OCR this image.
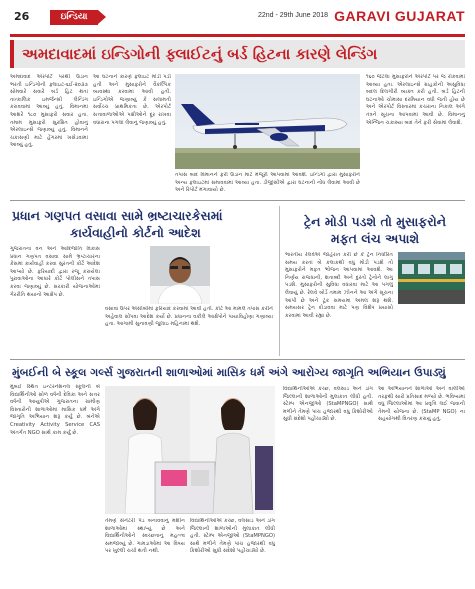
26	ઇન્ડિયા	22nd - 29th June 2018 GARAVI GUJARAT
અમદાવાદમાં ઇન્ડિગોની ફ્લાઈટનું બર્ડ હિટના કારણે લેન્ડિંગ
અમદાવાદ એરપોર્ટ પરથી ઉડાન ભરતી ઇન્ડિગોની ફ્લાઇટ-૬ઈ-૨૦૩૭ સોમવારે સવારે બર્ડ હિટ થતાં તાત્કાલિક ઇમર્જન્સી લેન્ડિંગ કરાવવામાં આવ્યું હતું. વિમાનમાં આશરે ૧૮૦ મુસાફરો સવાર હતા. તમામ મુસાફરો સુરક્ષિત હોવાનું એરલાઇન્સે જણાવ્યું હતું. વિમાનને ચકાસણી માટે હેંગરમાં ખસેડવામાં આવ્યું હતું.
આ ઘટનાને કારણે ફ્લાઇટ મોડી પડી હતી અને મુસાફરોને વૈકલ્પિક વ્યવસ્થા કરવામાં આવી હતી. ઇન્ડિગોએ જણાવ્યું કે સલામતી સર્વોચ્ચ પ્રાથમિકતા છે. એરપોર્ટ સત્તાવાળાઓએ પક્ષીઓને દૂર રાખવા વધારાના પગલાં લેવાનું જણાવ્યું હતું.
તપાસ બાદ વિમાનને ફરી ઉડાન માટે મંજૂરી આપવામાં આવશે. ઇન્ડિગો દ્વારા મુસાફરોને અન્ય ફ્લાઇટમાં સમાવવામાં આવ્યા હતા. ડીજીસીએ દ્વારા ઘટનાની નોંધ લેવામાં આવી છે અને રિપોર્ટ મંગાવાયો છે.
૧૬૦ જેટલા મુસાફરોને એરપોર્ટ પર જ રોકવામાં આવ્યા હતા. એરલાઇન્સે ગ્રાહકોની અસુવિધા બદલ દિલગીરી વ્યક્ત કરી હતી. બર્ડ હિટની ઘટનાઓ ચોમાસા દરમિયાન વધી જતી હોય છે અને એરપોર્ટ વિસ્તારમાં કચરાના નિકાલ અંગે તંત્રને સૂચના આપવામાં આવી છે. વિમાનનું એન્જિન ચકાસ્યા બાદ તેને ફરી સેવામાં લેવાશે.
પ્રધાન ગણપત વસાવા સામે ભ્રષ્ટાચારકેસમાં
કાર્યવાહીનો કોર્ટનો આદેશ
ગુજરાતના વન અને આદિજાતિ વિકાસ પ્રધાન ગણપત વસાવા સામે ભ્રષ્ટાચારના કેસમાં કાર્યવાહી કરવા સુરતની કોર્ટે આદેશ આપ્યો છે. ફરિયાદી દ્વારા રજૂ કરાયેલા પુરાવાઓના આધારે કોર્ટે પોલીસને તપાસ કરવા જણાવ્યું છે. સરકારી યોજનાઓમાં ગેરરીતિ થયાનો આક્ષેપ છે.
વસાવા ઉપર એસીબીમાં ફરિયાદ કરવામાં આવી હતી. કોર્ટે આ મામલે તપાસ કરીને અહેવાલ સોંપવા આદેશ કર્યો છે. પ્રધાનના વકીલે આક્ષેપોને પાયાવિહોણા ગણાવ્યા હતા. આગામી સુનાવણી જુલાઇ મહિનામાં થશે.
ટ્રેન મોડી પડશે તો મુસાફરોને
મફત લંચ અપાશે
ભારતીય રેલવેએ જાહેરાત કરી છે કે ટ્રેન નિર્ધારિત સમય કરતાં બે કલાકથી વધુ મોડી પડશે તો મુસાફરોને મફત ભોજન આપવામાં આવશે. આ નિર્ણય રાજધાની, શતાબ્દી અને દુરંતો ટ્રેનોને લાગુ પડશે. મુસાફરોની સુવિધા વધારવા માટે આ પગલું લેવાયું છે. રેલવે બોર્ડે તમામ ઝોનને આ અંગે સૂચના આપી છે અને ટૂંક સમયમાં અમલ શરૂ થશે. સમયસર ટ્રેન દોડાવવા માટે પણ વિશેષ પ્રયાસો કરવામાં આવી રહ્યા છે.
મુંબઈની બે સ્કૂલ ગર્લ્સ ગુજરાતની શાળાઓમાં માસિક ધર્મ અંગે આરોગ્ય જાગૃતિ અભિયાન ઉપાડ્યું
મુંબઈ સ્થિત ઇન્ટરનેશનલ સ્કૂલની બે વિદ્યાર્થિનીઓ સોળ વર્ષની દેવિકા અને સત્તર વર્ષની આયુષીએ ગુજરાતના ગ્રામીણ વિસ્તારોની શાળાઓમાં માસિક ધર્મ અંગે જાગૃતિ અભિયાન શરૂ કર્યું છે. બંનેએ Creativity Activity Service CAS અંતર્ગત NGO સાથે કામ કર્યું છે.
તેમણે સેનેટરી પેડ બનાવવાનું મશીન શાળાઓમાં સ્થાપ્યું છે અને વિદ્યાર્થિનીઓને સ્વચ્છતાનું મહત્ત્વ સમજાવ્યું છે. ગામડાઓમાં આ વિષય પર ખુલ્લી ચર્ચા થતી નથી.
વિદ્યાર્થિનીઓએ કચ્છ, વલસાડ અને ડાંગ જિલ્લાની શાળાઓની મુલાકાત લીધી હતી. સ્ટેમ્પ એનજીઓ (StaMPNGO) સાથે મળીને તેમણે પાંચ હજારથી વધુ કિશોરીઓ સુધી સંદેશો પહોંચાડ્યો છે.
વિદ્યાર્થિનીઓએ કચ્છ, વલસાડ અને ડાંગ જિલ્લાની શાળાઓની મુલાકાત લીધી હતી. સ્ટેમ્પ એનજીઓ (StaMPNGO) સાથે મળીને તેમણે પાંચ હજારથી વધુ કિશોરીઓ સુધી સંદેશો પહોંચાડ્યો છે.
આ અભિયાનને શાળાઓ અને વાલીઓ તરફથી સારો પ્રતિસાદ મળ્યો છે. ભવિષ્યમાં વધુ જિલ્લાઓમાં આ પ્રવૃત્તિ લઈ જવાની તેમની યોજના છે. (StaMP NGO) ના સહયોગથી વિતરણ કરાયું હતું.
